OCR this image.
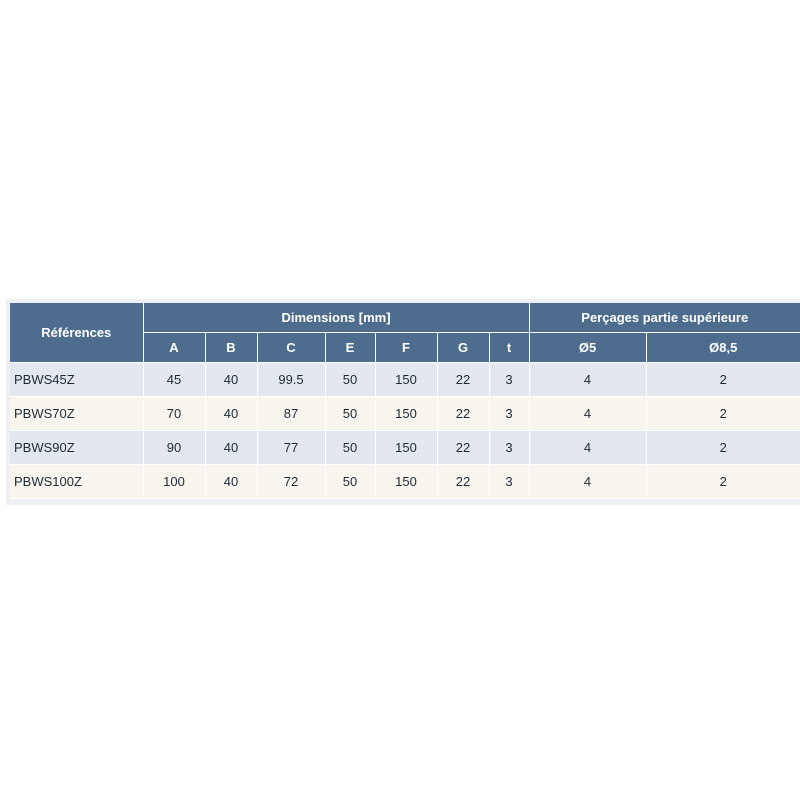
Références	Dimensions [mm]							Perçages partie supérieure	
	A	B	C	E	F	G	t	Ø5	Ø8,5
PBWS45Z	45	40	99.5	50	150	22	3	4	2
PBWS70Z	70	40	87	50	150	22	3	4	2
PBWS90Z	90	40	77	50	150	22	3	4	2
PBWS100Z	100	40	72	50	150	22	3	4	2
